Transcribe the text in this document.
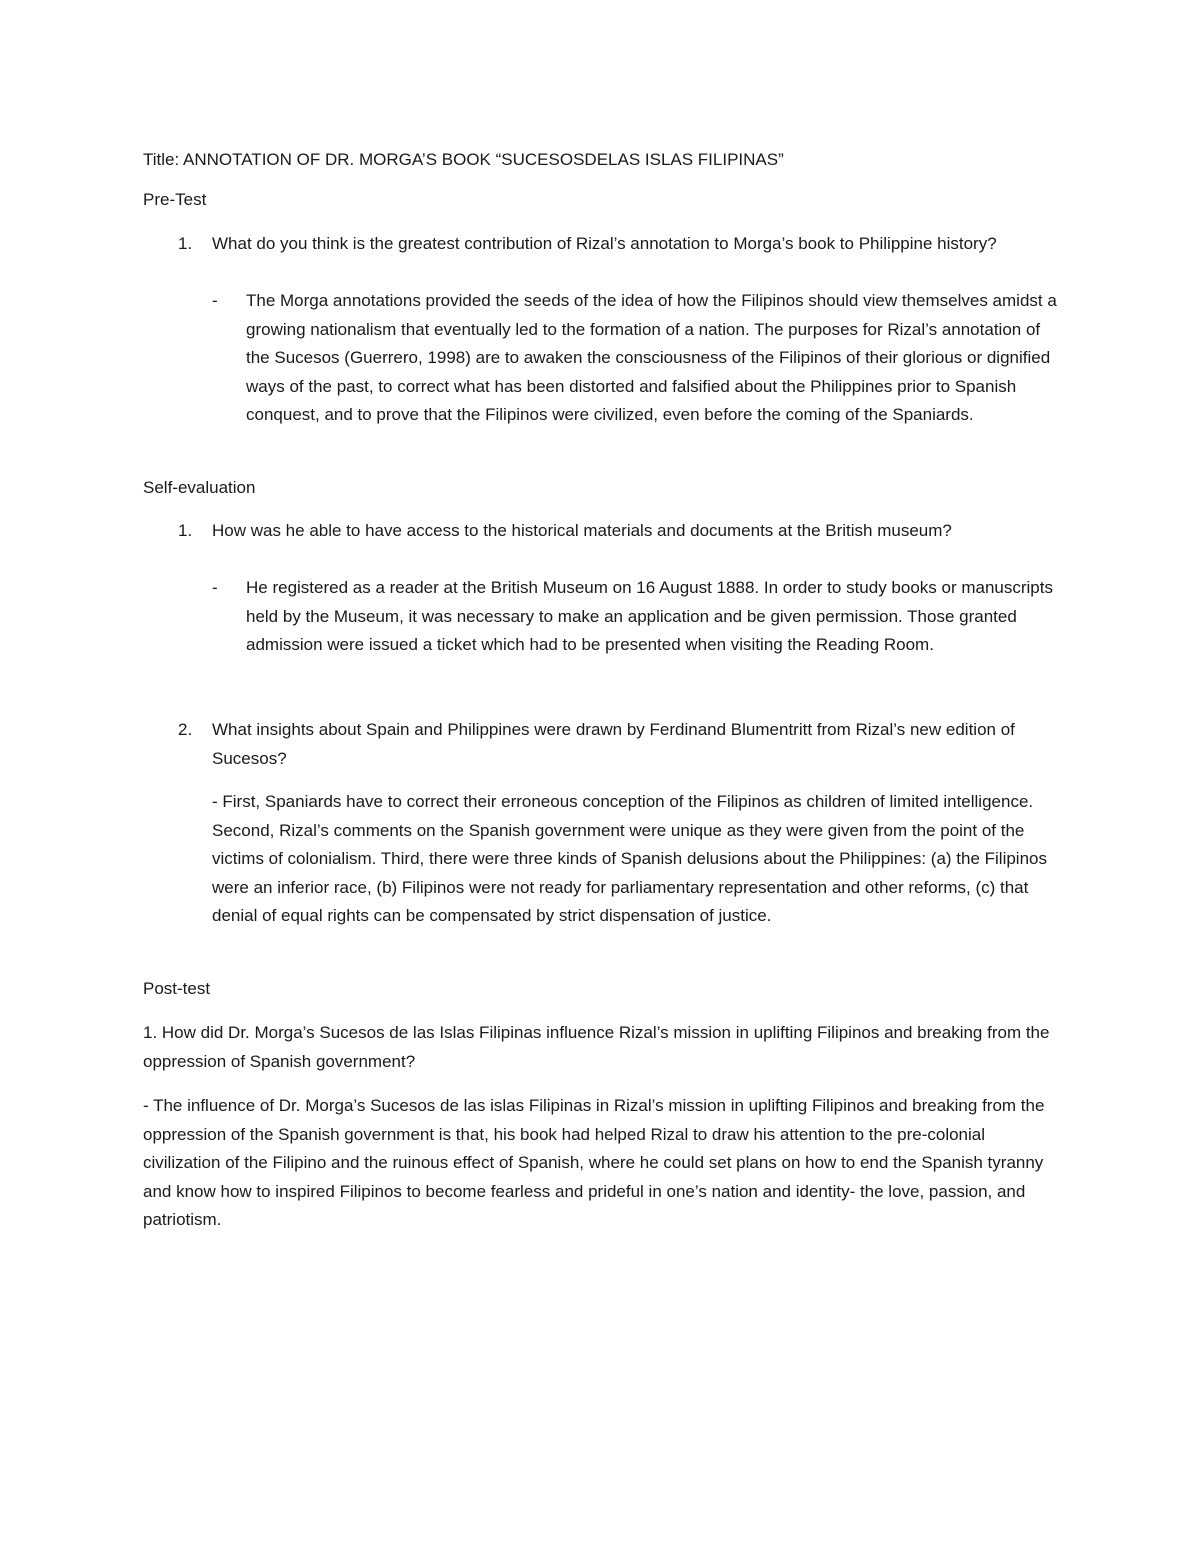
Title: ANNOTATION OF DR. MORGA’S BOOK “SUCESOSDELAS ISLAS FILIPINAS”
Pre-Test
1. What do you think is the greatest contribution of Rizal’s annotation to Morga’s book to Philippine history?
- The Morga annotations provided the seeds of the idea of how the Filipinos should view themselves amidst a growing nationalism that eventually led to the formation of a nation. The purposes for Rizal’s annotation of the Sucesos (Guerrero, 1998) are to awaken the consciousness of the Filipinos of their glorious or dignified ways of the past, to correct what has been distorted and falsified about the Philippines prior to Spanish conquest, and to prove that the Filipinos were civilized, even before the coming of the Spaniards.
Self-evaluation
1. How was he able to have access to the historical materials and documents at the British museum?
- He registered as a reader at the British Museum on 16 August 1888. In order to study books or manuscripts held by the Museum, it was necessary to make an application and be given permission. Those granted admission were issued a ticket which had to be presented when visiting the Reading Room.
2. What insights about Spain and Philippines were drawn by Ferdinand Blumentritt from Rizal’s new edition of Sucesos?
- First, Spaniards have to correct their erroneous conception of the Filipinos as children of limited intelligence. Second, Rizal’s comments on the Spanish government were unique as they were given from the point of the victims of colonialism. Third, there were three kinds of Spanish delusions about the Philippines: (a) the Filipinos were an inferior race, (b) Filipinos were not ready for parliamentary representation and other reforms, (c) that denial of equal rights can be compensated by strict dispensation of justice.
Post-test
1. How did Dr. Morga’s Sucesos de las Islas Filipinas influence Rizal’s mission in uplifting Filipinos and breaking from the oppression of Spanish government?
- The influence of Dr. Morga’s Sucesos de las islas Filipinas in Rizal’s mission in uplifting Filipinos and breaking from the oppression of the Spanish government is that, his book had helped Rizal to draw his attention to the pre-colonial civilization of the Filipino and the ruinous effect of Spanish, where he could set plans on how to end the Spanish tyranny and know how to inspired Filipinos to become fearless and prideful in one’s nation and identity- the love, passion, and patriotism.
